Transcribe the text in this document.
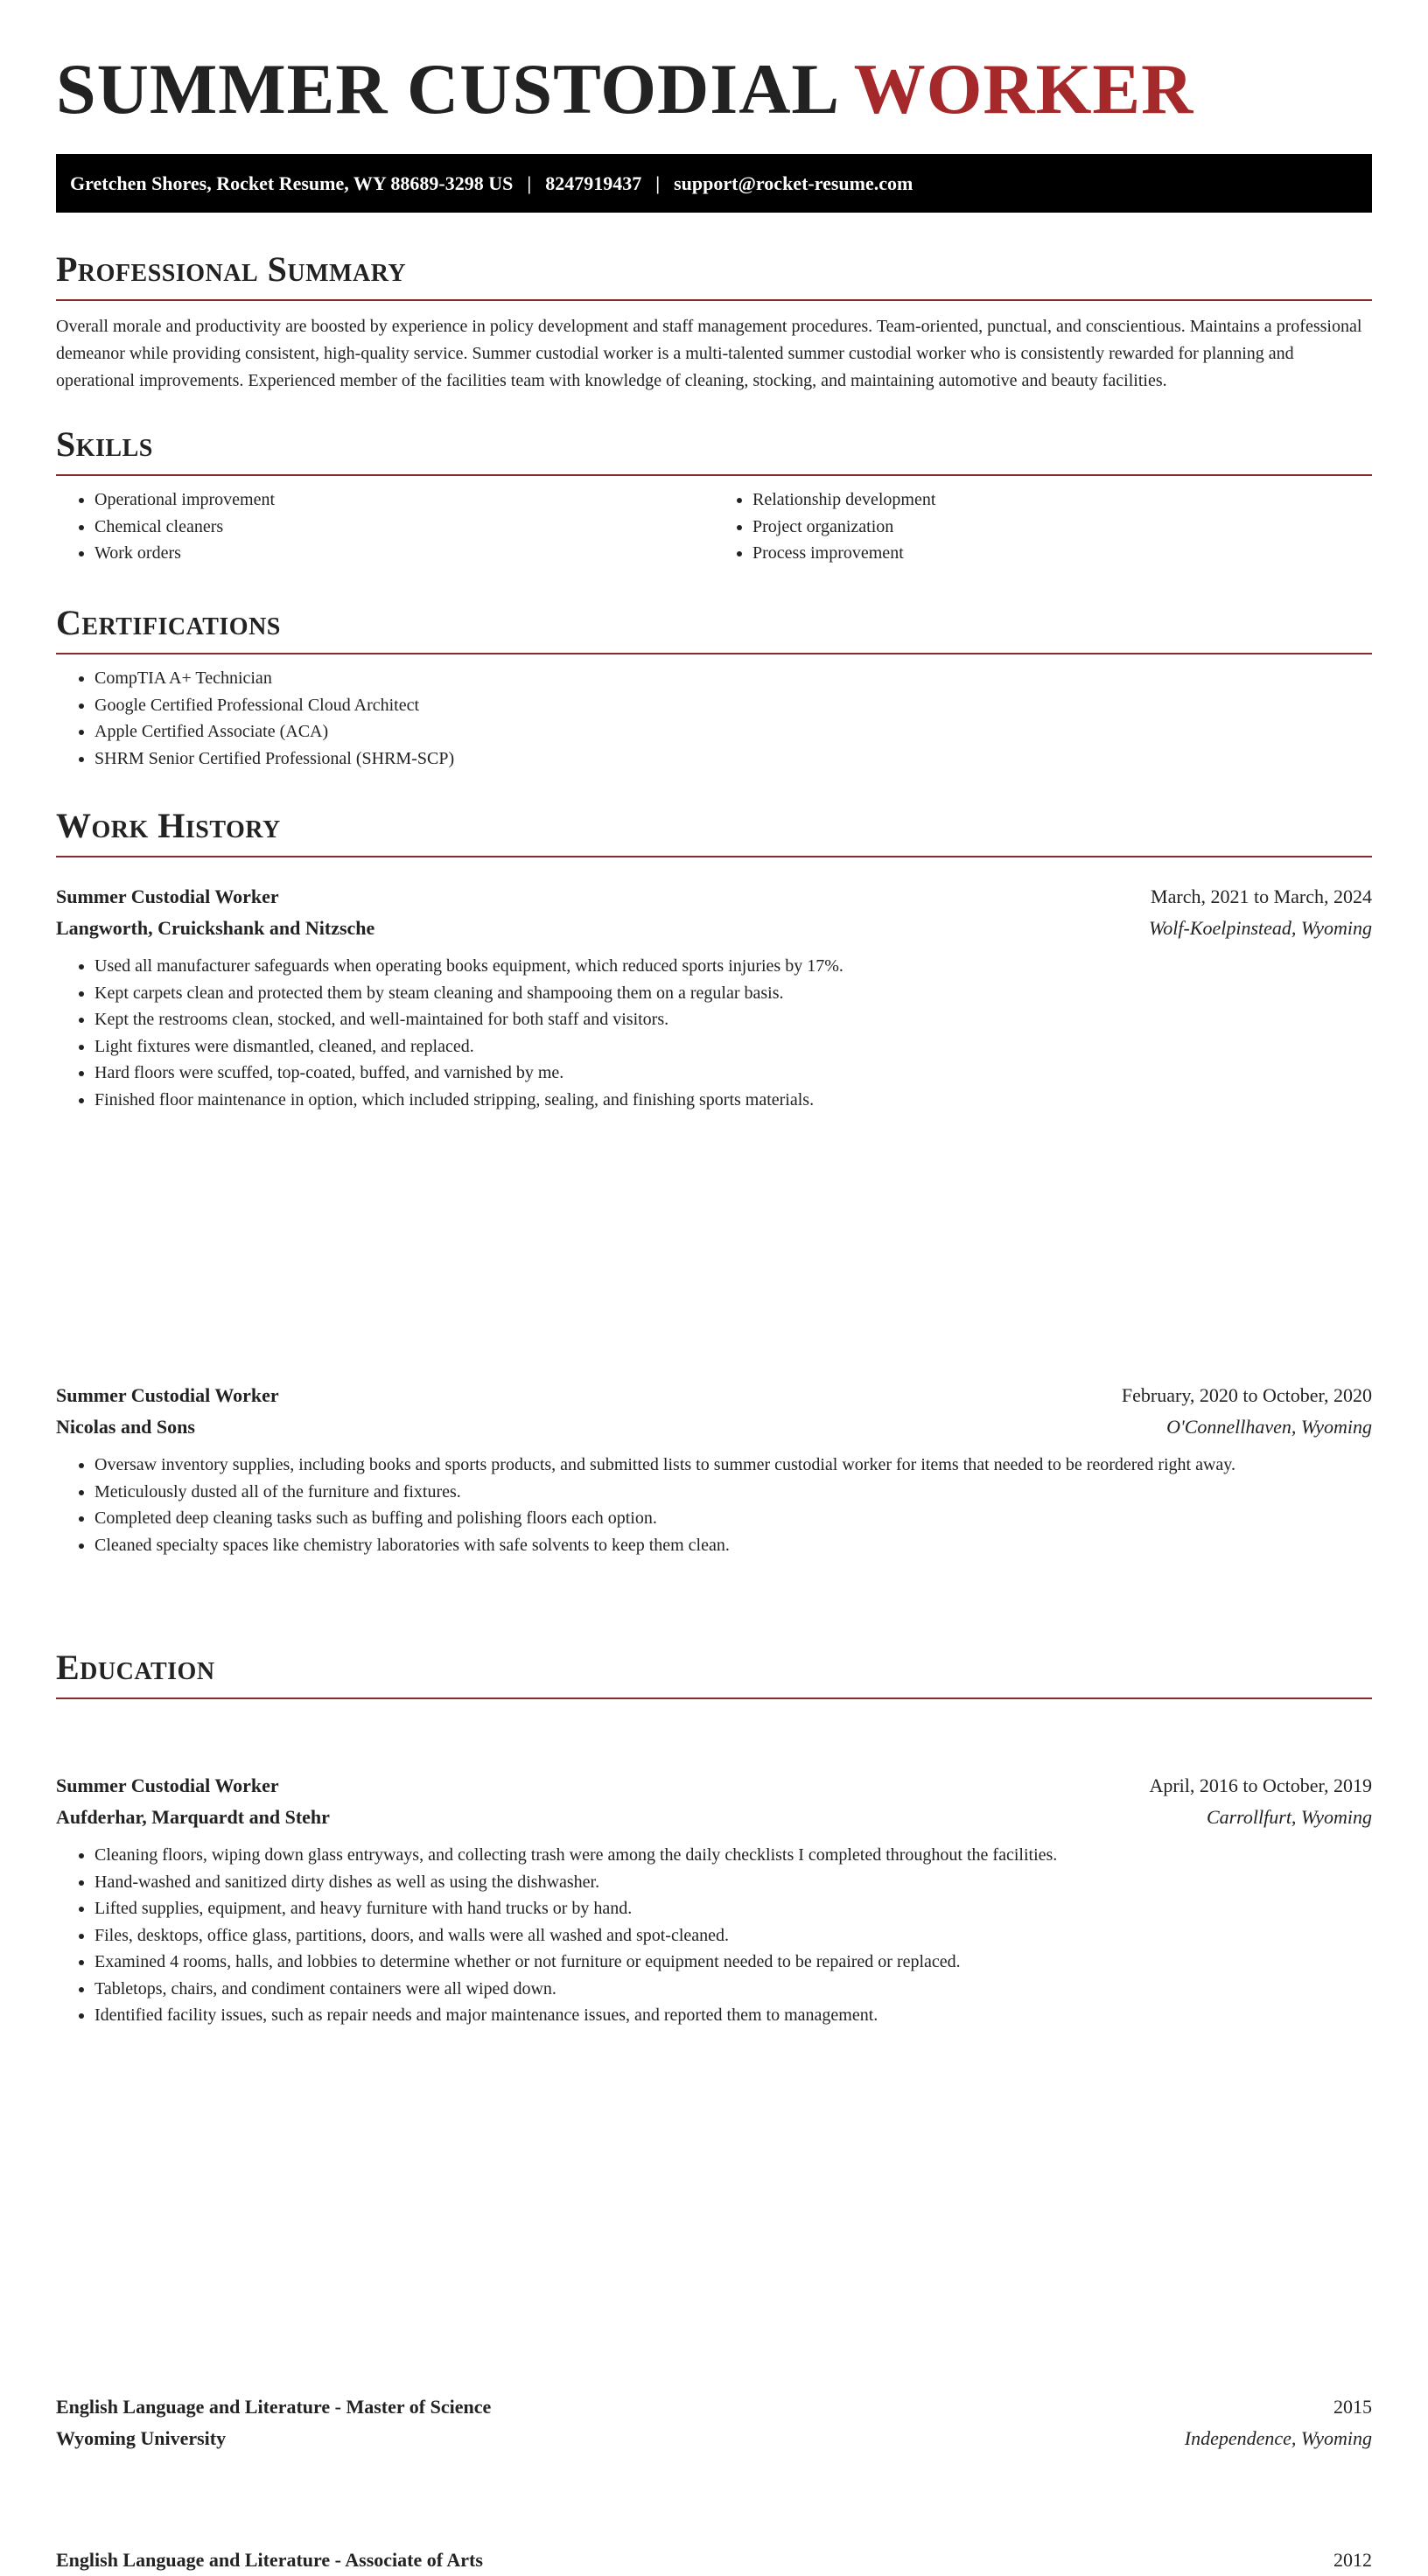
SUMMER CUSTODIAL WORKER
Gretchen Shores, Rocket Resume, WY 88689-3298 US | 8247919437 | support@rocket-resume.com
Professional Summary

Overall morale and productivity are boosted by experience in policy development and staff management procedures. Team-oriented, punctual, and conscientious. Maintains a professional demeanor while providing consistent, high-quality service. Summer custodial worker is a multi-talented summer custodial worker who is consistently rewarded for planning and operational improvements. Experienced member of the facilities team with knowledge of cleaning, stocking, and maintaining automotive and beauty facilities.

Skills
• Operational improvement
• Chemical cleaners
• Work orders
• Relationship development
• Project organization
• Process improvement
Certifications
• CompTIA A+ Technician
• Google Certified Professional Cloud Architect
• Apple Certified Associate (ACA)
• SHRM Senior Certified Professional (SHRM-SCP)
Work History
Summer Custodial Worker	March, 2021 to March, 2024
Langworth, Cruickshank and Nitzsche	Wolf-Koelpinstead, Wyoming
• Used all manufacturer safeguards when operating books equipment, which reduced sports injuries by 17%.
• Kept carpets clean and protected them by steam cleaning and shampooing them on a regular basis.
• Kept the restrooms clean, stocked, and well-maintained for both staff and visitors.
• Light fixtures were dismantled, cleaned, and replaced.
• Hard floors were scuffed, top-coated, buffed, and varnished by me.
• Finished floor maintenance in option, which included stripping, sealing, and finishing sports materials.
Summer Custodial Worker	February, 2020 to October, 2020
Nicolas and Sons	O'Connellhaven, Wyoming
• Oversaw inventory supplies, including books and sports products, and submitted lists to summer custodial worker for items that needed to be reordered right away.
• Meticulously dusted all of the furniture and fixtures.
• Completed deep cleaning tasks such as buffing and polishing floors each option.
• Cleaned specialty spaces like chemistry laboratories with safe solvents to keep them clean.
Summer Custodial Worker	April, 2016 to October, 2019
Aufderhar, Marquardt and Stehr	Carrollfurt, Wyoming
• Cleaning floors, wiping down glass entryways, and collecting trash were among the daily checklists I completed throughout the facilities.
• Hand-washed and sanitized dirty dishes as well as using the dishwasher.
• Lifted supplies, equipment, and heavy furniture with hand trucks or by hand.
• Files, desktops, office glass, partitions, doors, and walls were all washed and spot-cleaned.
• Examined 4 rooms, halls, and lobbies to determine whether or not furniture or equipment needed to be repaired or replaced.
• Tabletops, chairs, and condiment containers were all wiped down.
• Identified facility issues, such as repair needs and major maintenance issues, and reported them to management.
Education
English Language and Literature - Master of Science	2015
Wyoming University	Independence, Wyoming
English Language and Literature - Associate of Arts	2012
